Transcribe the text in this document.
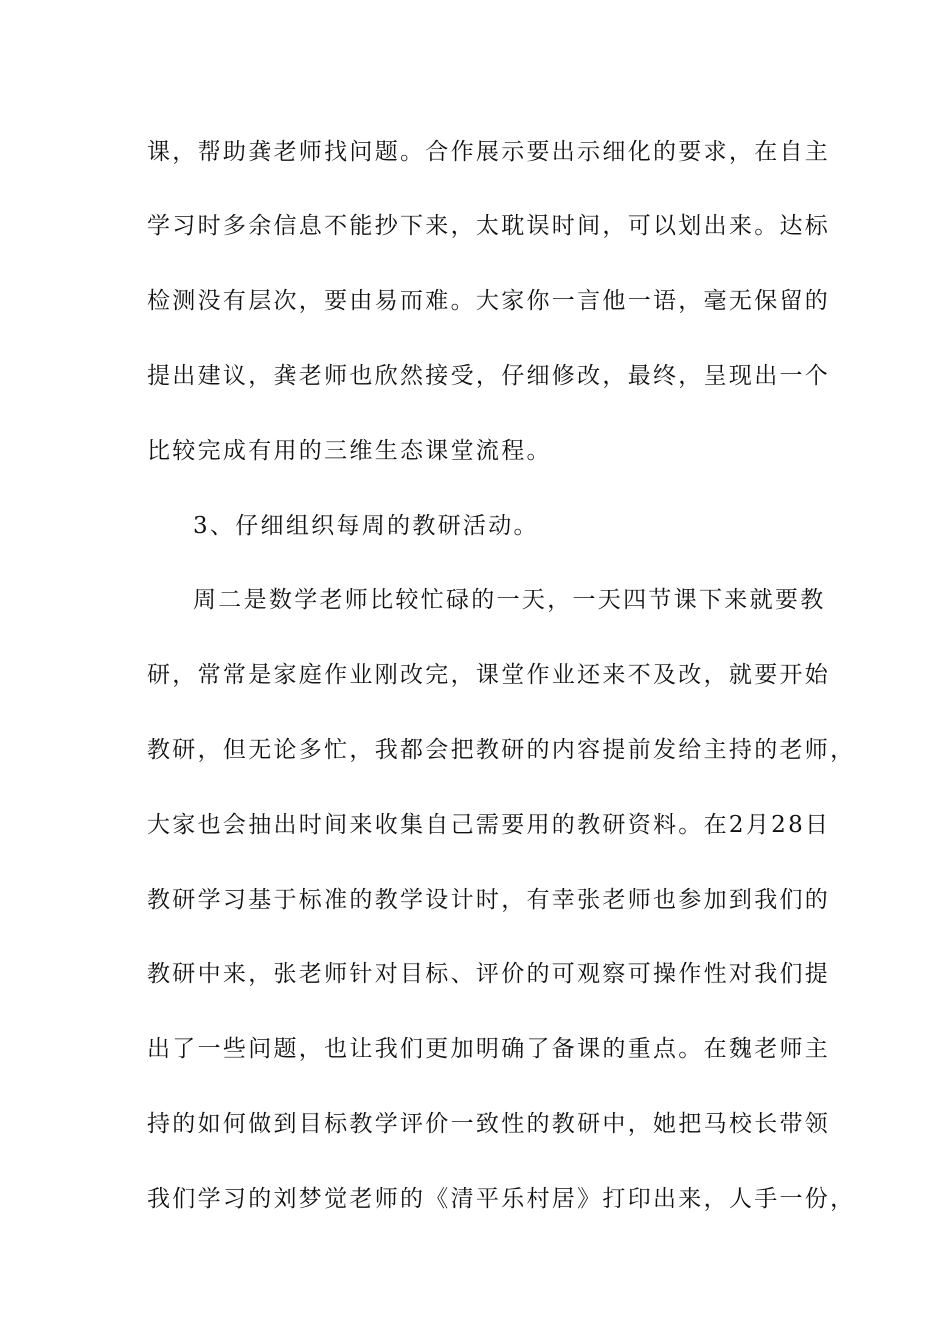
课，帮助龚老师找问题。合作展示要出示细化的要求，在自主
学习时多余信息不能抄下来，太耽误时间，可以划出来。达标
检测没有层次，要由易而难。大家你一言他一语，毫无保留的
提出建议，龚老师也欣然接受，仔细修改，最终，呈现出一个
比较完成有用的三维生态课堂流程。
3、仔细组织每周的教研活动。
周二是数学老师比较忙碌的一天，一天四节课下来就要教
研，常常是家庭作业刚改完，课堂作业还来不及改，就要开始
教研，但无论多忙，我都会把教研的内容提前发给主持的老师，
大家也会抽出时间来收集自己需要用的教研资料。在2月28日
教研学习基于标准的教学设计时，有幸张老师也参加到我们的
教研中来，张老师针对目标、评价的可观察可操作性对我们提
出了一些问题，也让我们更加明确了备课的重点。在魏老师主
持的如何做到目标教学评价一致性的教研中，她把马校长带领
我们学习的刘梦觉老师的《清平乐村居》打印出来，人手一份，
